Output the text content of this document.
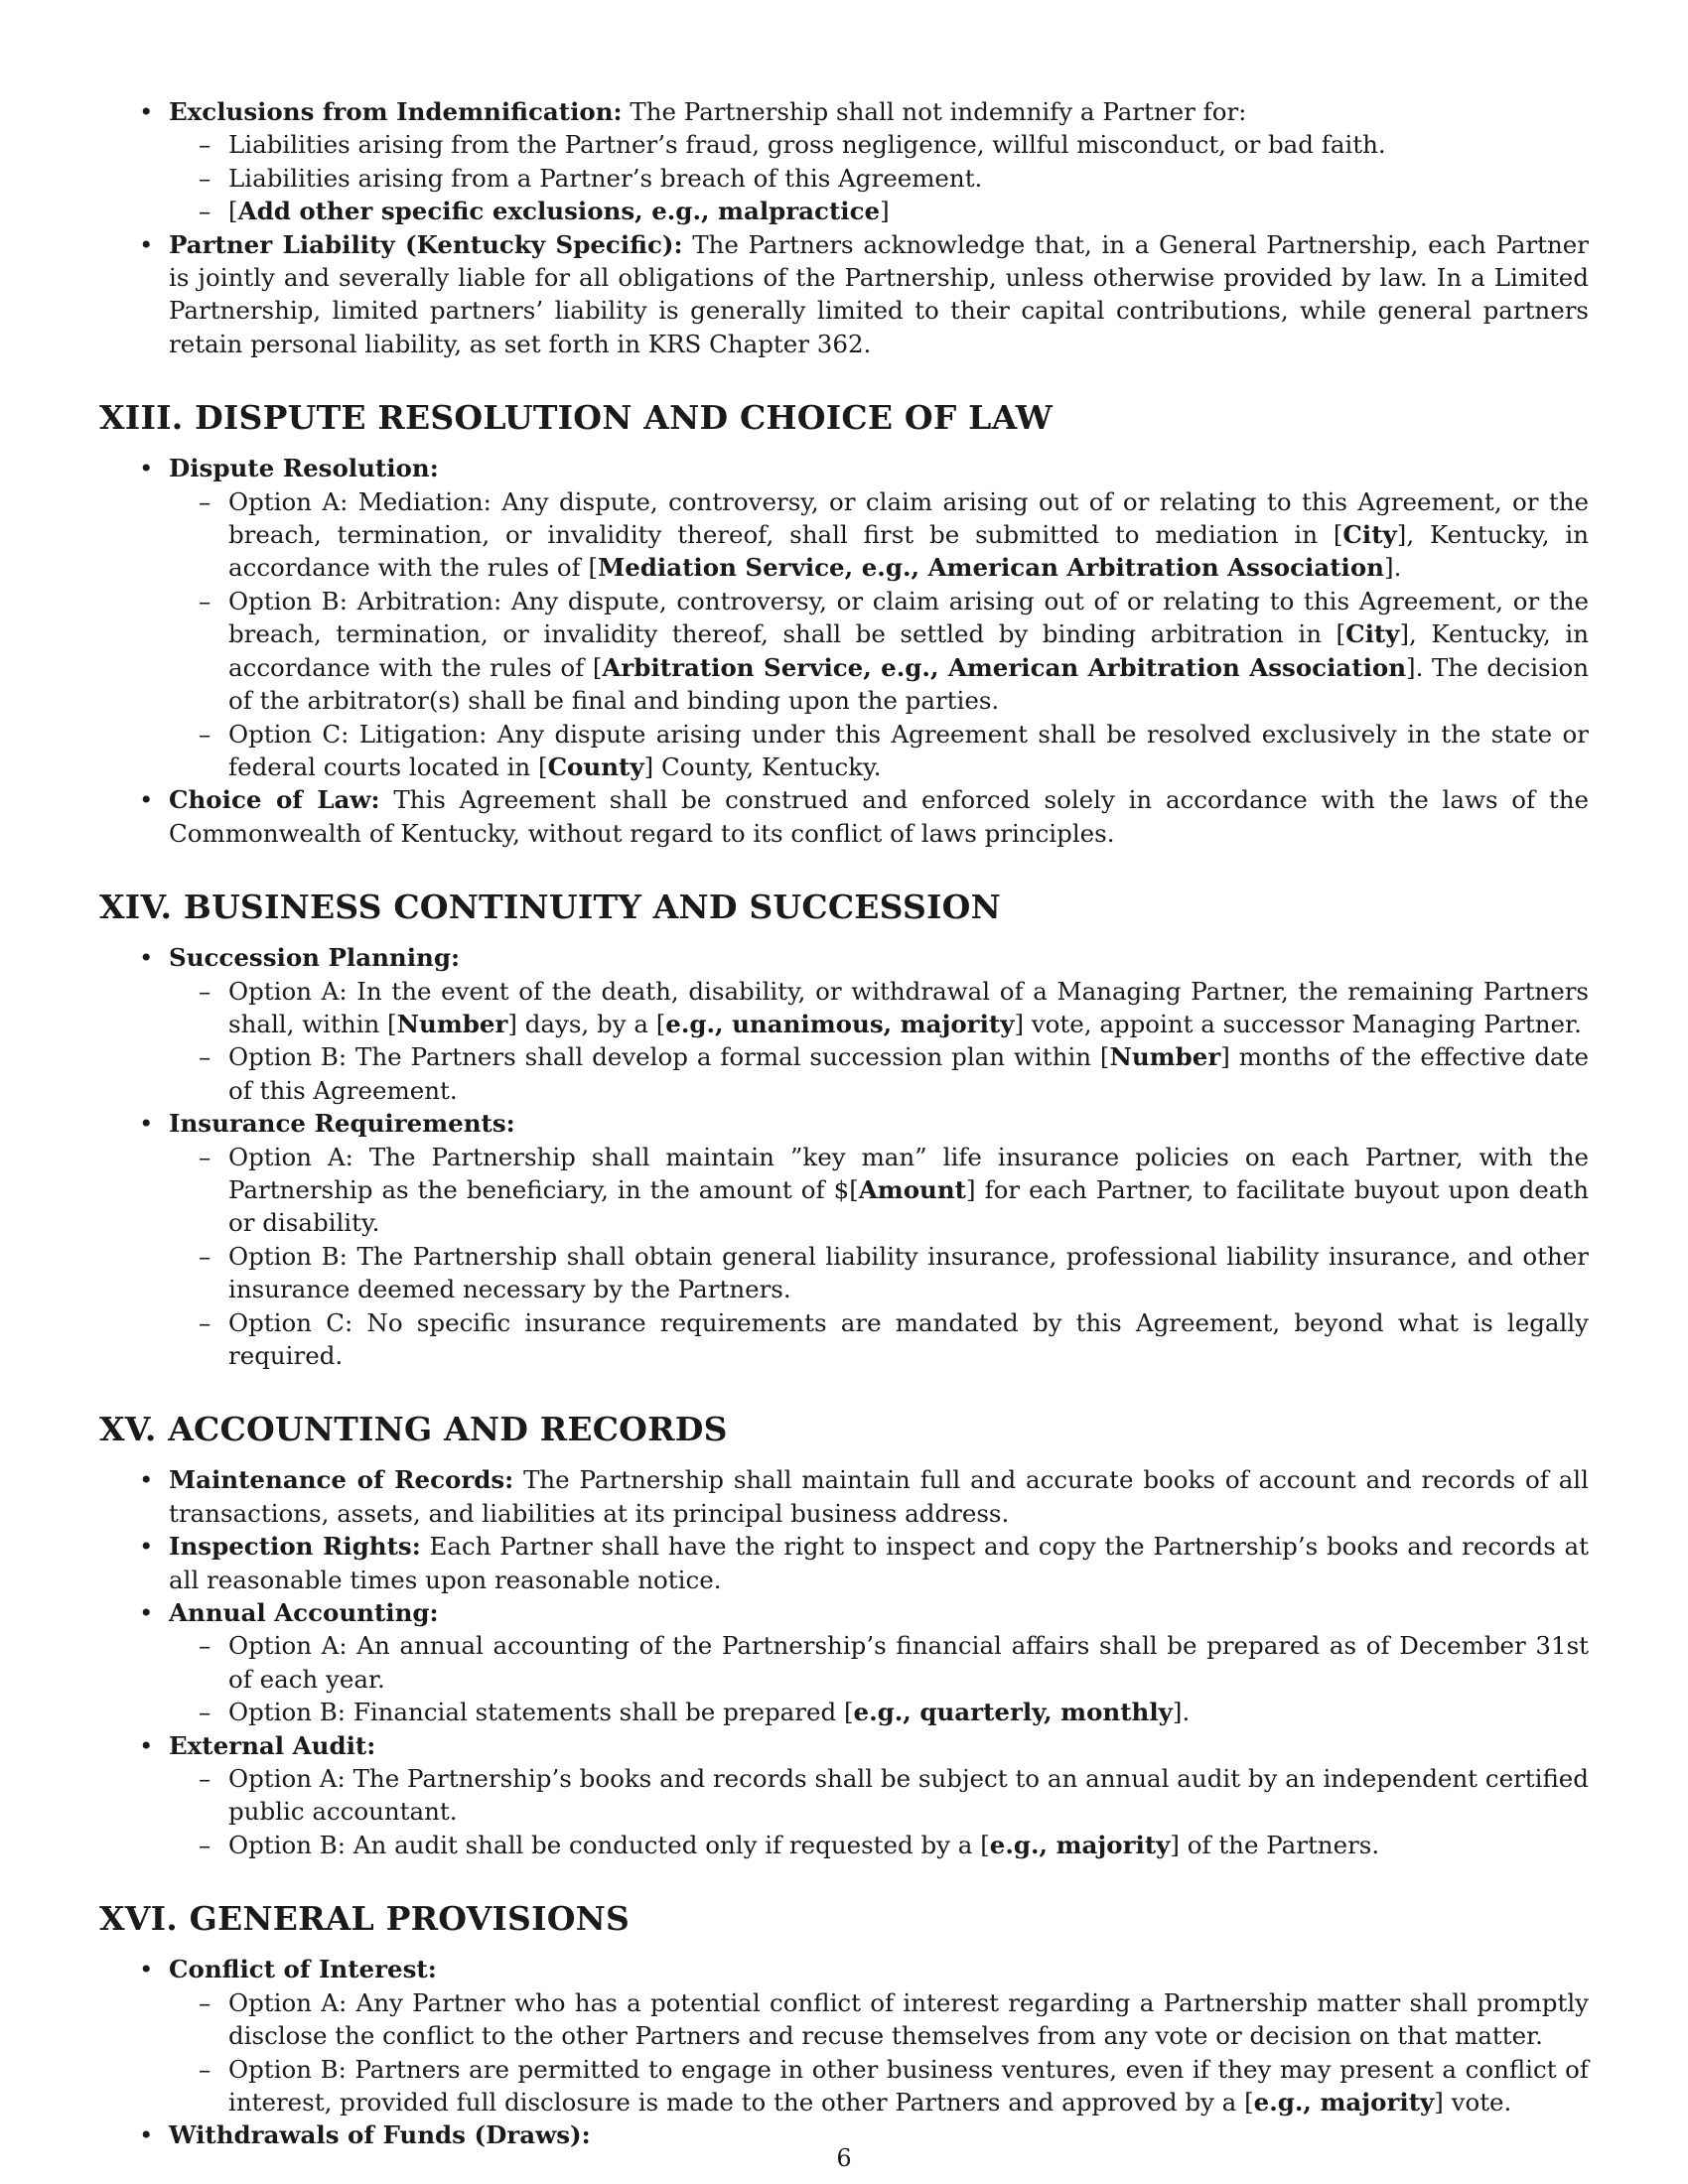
• Exclusions from Indemnification: The Partnership shall not indemnify a Partner for:
– Liabilities arising from the Partner’s fraud, gross negligence, willful misconduct, or bad faith.
– Liabilities arising from a Partner’s breach of this Agreement.
– [Add other specific exclusions, e.g., malpractice]
• Partner Liability (Kentucky Specific): The Partners acknowledge that, in a General Partnership, each Partner is jointly and severally liable for all obligations of the Partnership, unless otherwise provided by law. In a Limited Partnership, limited partners’ liability is generally limited to their capital contributions, while general partners retain personal liability, as set forth in KRS Chapter 362.
XIII. DISPUTE RESOLUTION AND CHOICE OF LAW
• Dispute Resolution:
– Option A: Mediation: Any dispute, controversy, or claim arising out of or relating to this Agreement, or the breach, termination, or invalidity thereof, shall first be submitted to mediation in [City], Kentucky, in accordance with the rules of [Mediation Service, e.g., American Arbitration Association].
– Option B: Arbitration: Any dispute, controversy, or claim arising out of or relating to this Agreement, or the breach, termination, or invalidity thereof, shall be settled by binding arbitration in [City], Kentucky, in accordance with the rules of [Arbitration Service, e.g., American Arbitration Association]. The decision of the arbitrator(s) shall be final and binding upon the parties.
– Option C: Litigation: Any dispute arising under this Agreement shall be resolved exclusively in the state or federal courts located in [County] County, Kentucky.
• Choice of Law: This Agreement shall be construed and enforced solely in accordance with the laws of the Commonwealth of Kentucky, without regard to its conflict of laws principles.
XIV. BUSINESS CONTINUITY AND SUCCESSION
• Succession Planning:
– Option A: In the event of the death, disability, or withdrawal of a Managing Partner, the remaining Partners shall, within [Number] days, by a [e.g., unanimous, majority] vote, appoint a successor Managing Partner.
– Option B: The Partners shall develop a formal succession plan within [Number] months of the effective date of this Agreement.
• Insurance Requirements:
– Option A: The Partnership shall maintain ”key man” life insurance policies on each Partner, with the Partnership as the beneficiary, in the amount of $[Amount] for each Partner, to facilitate buyout upon death or disability.
– Option B: The Partnership shall obtain general liability insurance, professional liability insurance, and other insurance deemed necessary by the Partners.
– Option C: No specific insurance requirements are mandated by this Agreement, beyond what is legally required.
XV. ACCOUNTING AND RECORDS
• Maintenance of Records: The Partnership shall maintain full and accurate books of account and records of all transactions, assets, and liabilities at its principal business address.
• Inspection Rights: Each Partner shall have the right to inspect and copy the Partnership’s books and records at all reasonable times upon reasonable notice.
• Annual Accounting:
– Option A: An annual accounting of the Partnership’s financial affairs shall be prepared as of December 31st of each year.
– Option B: Financial statements shall be prepared [e.g., quarterly, monthly].
• External Audit:
– Option A: The Partnership’s books and records shall be subject to an annual audit by an independent certified public accountant.
– Option B: An audit shall be conducted only if requested by a [e.g., majority] of the Partners.
XVI. GENERAL PROVISIONS
• Conflict of Interest:
– Option A: Any Partner who has a potential conflict of interest regarding a Partnership matter shall promptly disclose the conflict to the other Partners and recuse themselves from any vote or decision on that matter.
– Option B: Partners are permitted to engage in other business ventures, even if they may present a conflict of interest, provided full disclosure is made to the other Partners and approved by a [e.g., majority] vote.
• Withdrawals of Funds (Draws):
6
